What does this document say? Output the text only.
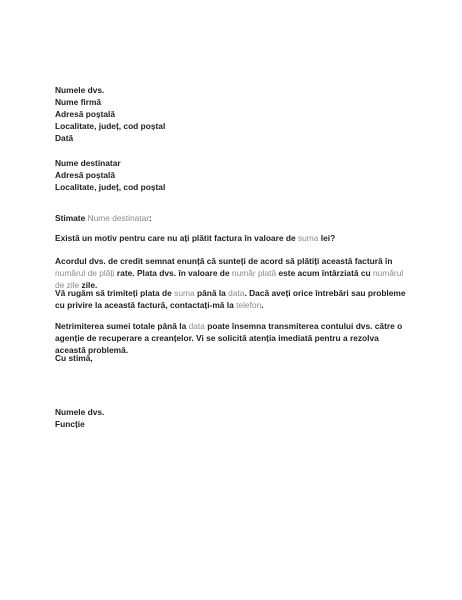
Numele dvs.
Nume firmă
Adresă poștală
Localitate, județ, cod poștal
Dată
Nume destinatar
Adresă poștală
Localitate, județ, cod poștal
Stimate Nume destinatar:
Există un motiv pentru care nu ați plătit factura în valoare de suma lei?
Acordul dvs. de credit semnat enunță că sunteți de acord să plătiți această factură în numărul de plăți rate. Plata dvs. în valoare de număr plată este acum întârziată cu numărul de zile zile.
Vă rugăm să trimiteți plata de suma până la data. Dacă aveți orice întrebări sau probleme cu privire la această factură, contactați-mă la telefon.
Netrimiterea sumei totale până la data poate însemna transmiterea contului dvs. către o agenție de recuperare a creanțelor. Vi se solicită atenția imediată pentru a rezolva această problemă.
Cu stimă,
Numele dvs.
Funcție
